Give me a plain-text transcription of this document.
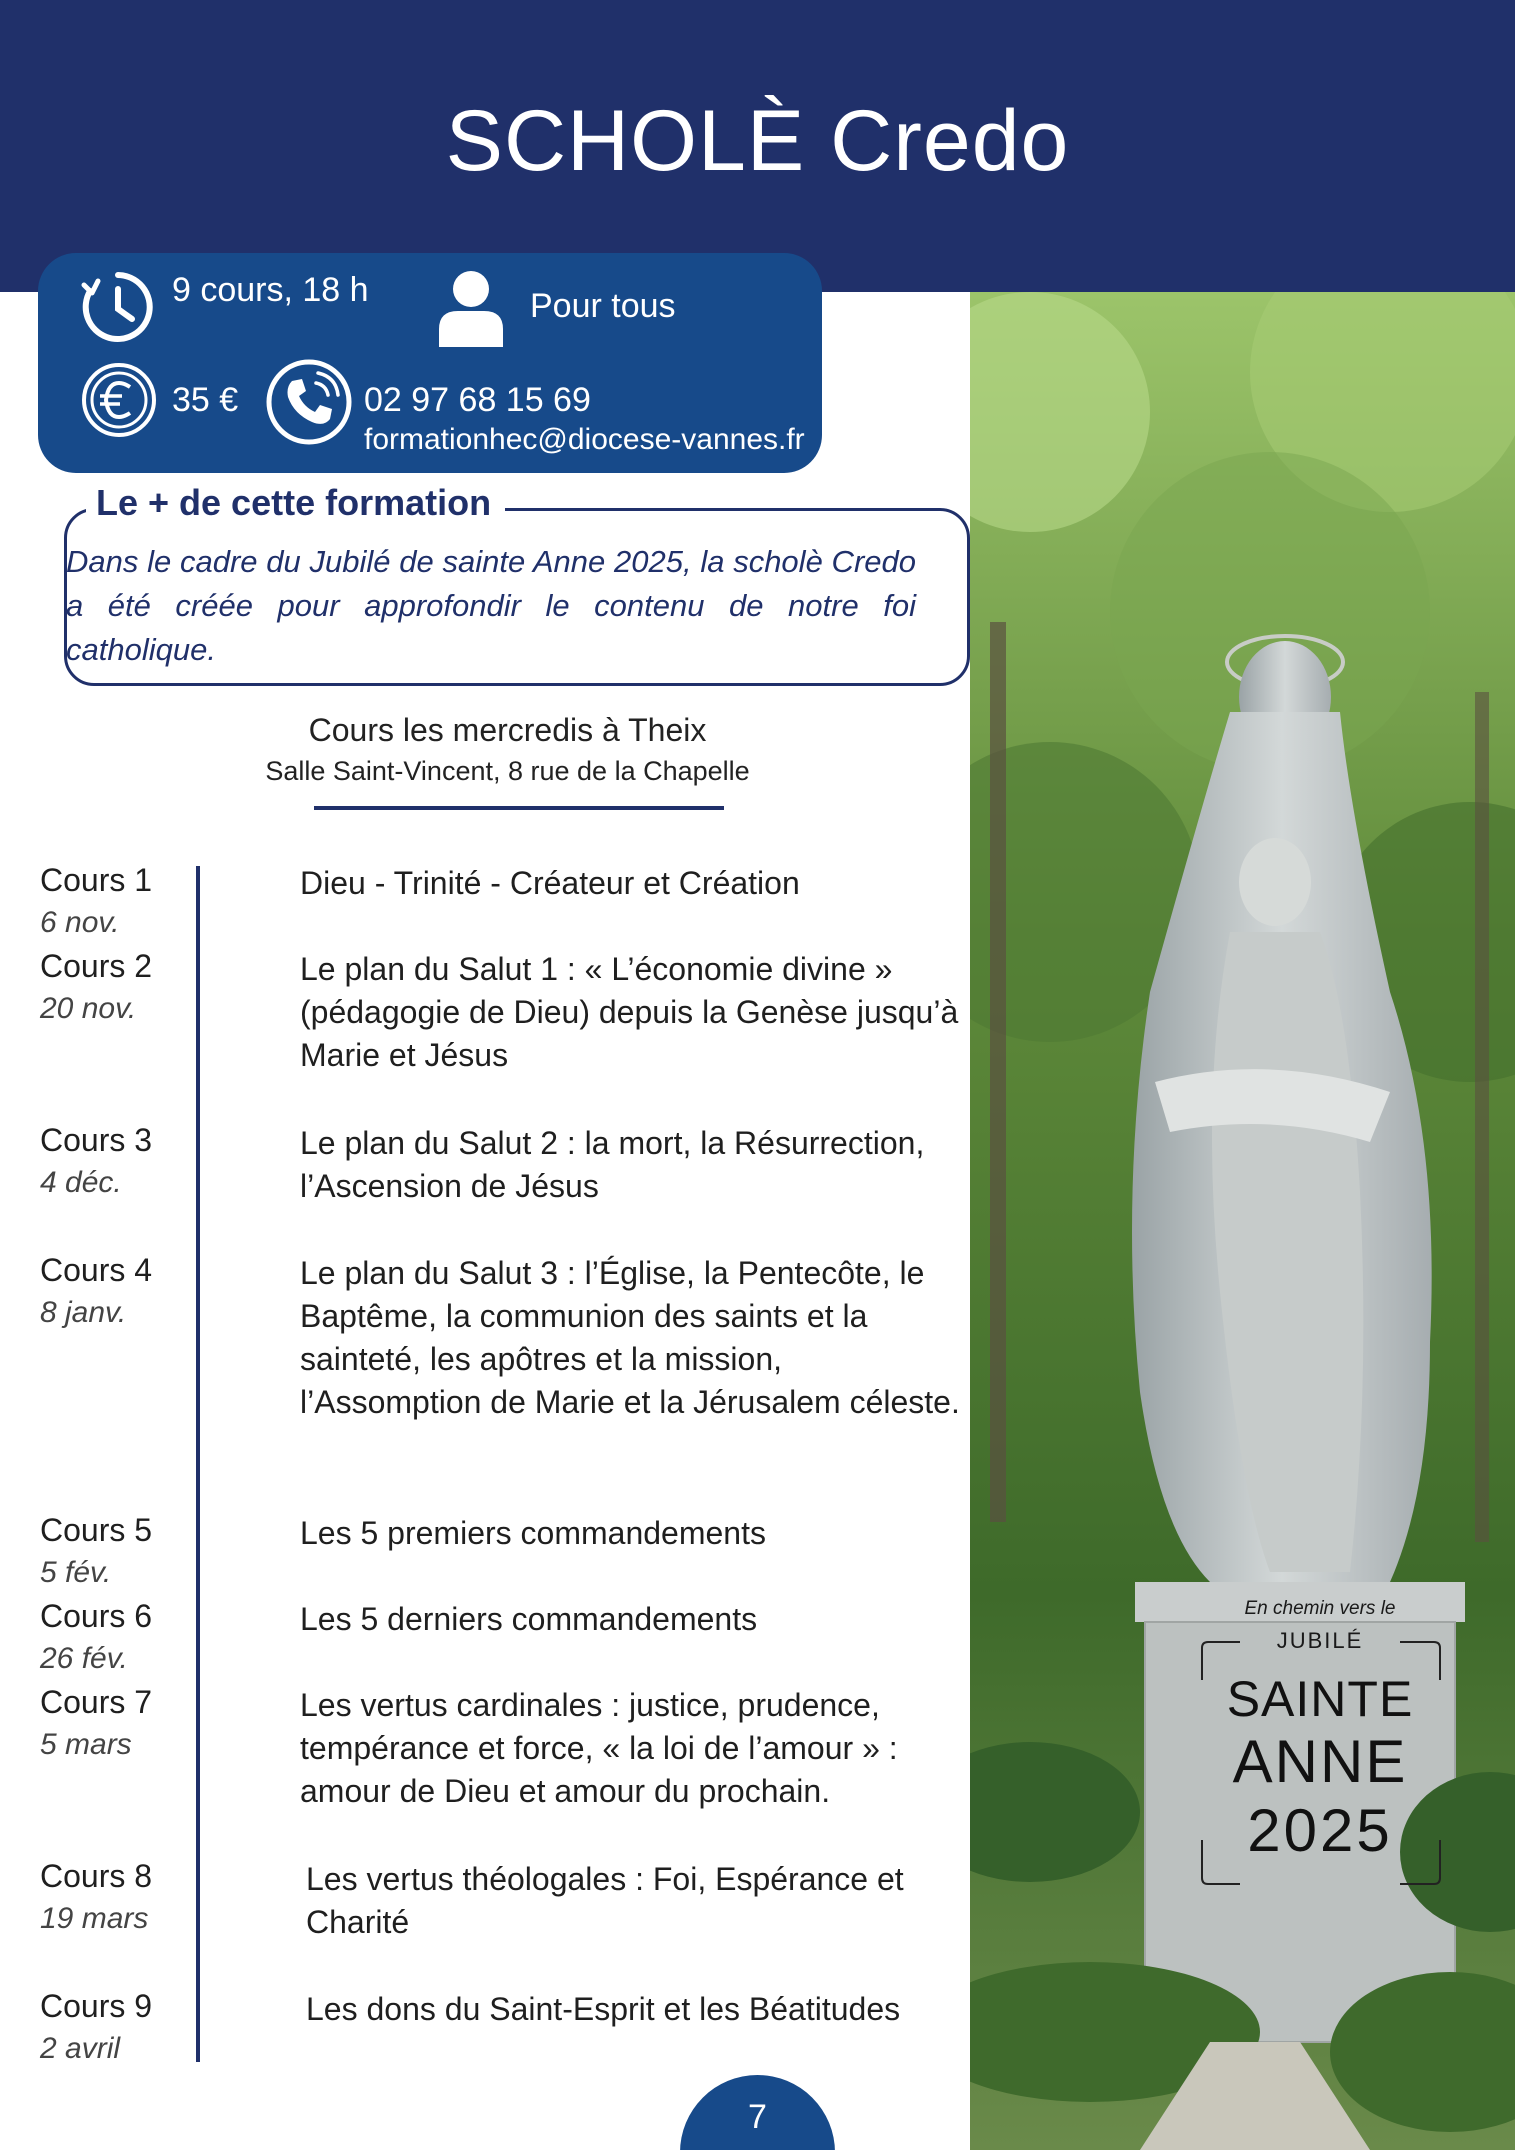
SCHOLÈ Credo
9 cours, 18 h	Pour tous
35 €	02 97 68 15 69
formationhec@diocese-vannes.fr
Le + de cette formation
Dans le cadre du Jubilé de sainte Anne 2025, la scholè Credo a été créée pour approfondir le contenu de notre foi catholique.
Cours les mercredis à Theix
Salle Saint-Vincent, 8 rue de la Chapelle
Cours 1
6 nov.
Dieu - Trinité - Créateur et Création
Cours 2
20 nov.
Le plan du Salut 1 : « L’économie divine » (pédagogie de Dieu) depuis la Genèse jusqu’à Marie et Jésus
Cours 3
4 déc.
Le plan du Salut 2 : la mort, la Résurrection, l’Ascension de Jésus
Cours 4
8 janv.
Le plan du Salut 3 : l’Église, la Pentecôte, le Baptême, la communion des saints et la sainteté, les apôtres et la mission, l’Assomption de Marie et la Jérusalem céleste.
Cours 5
5 fév.
Les 5 premiers commandements
Cours 6
26 fév.
Les 5 derniers commandements
Cours 7
5 mars
Les vertus cardinales : justice, prudence, tempérance et force, « la loi de l’amour » : amour de Dieu et amour du prochain.
Cours 8
19 mars
Les vertus théologales : Foi, Espérance et Charité
Cours 9
2 avril
Les dons du Saint-Esprit et les Béatitudes
En chemin vers le
JUBILÉ
SAINTE
ANNE
2025
7
